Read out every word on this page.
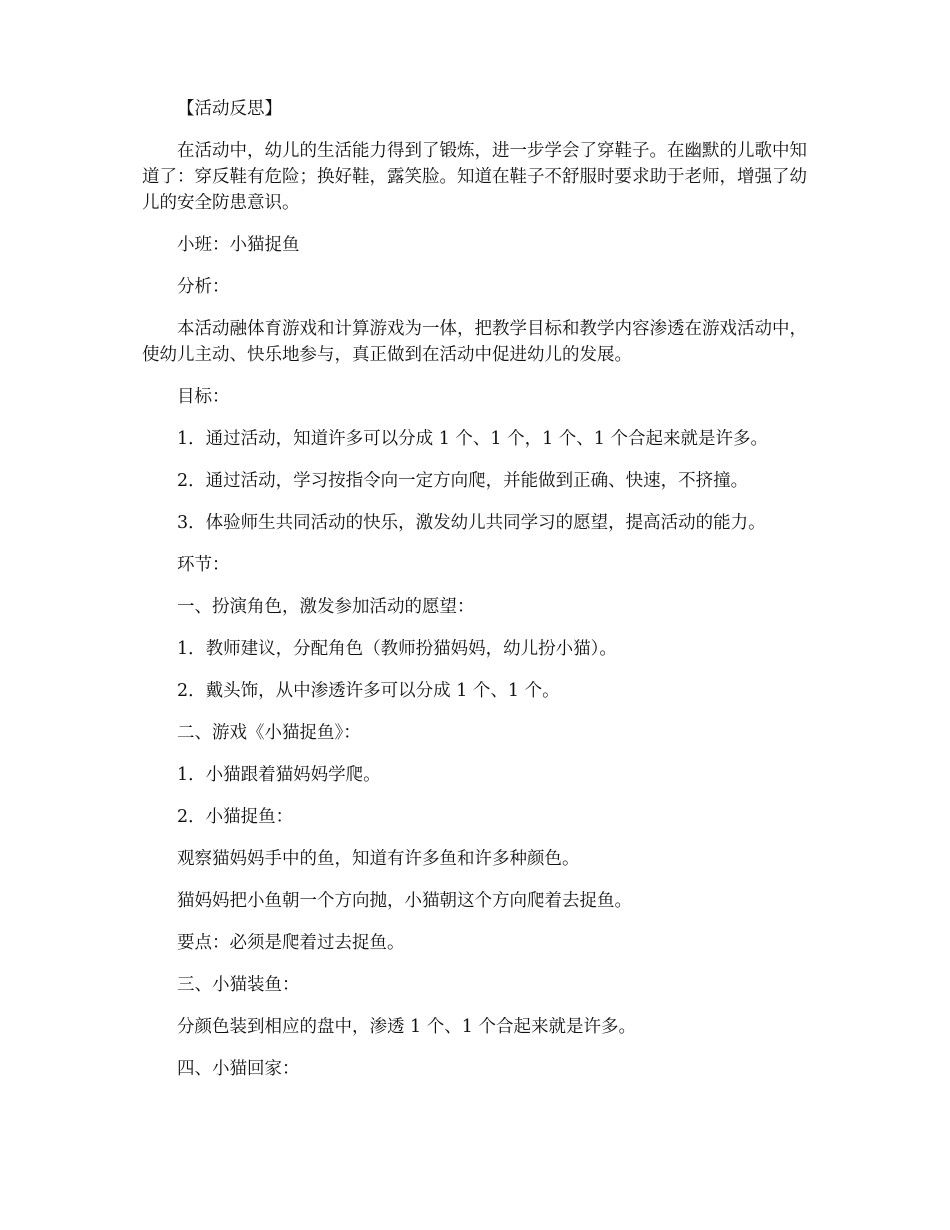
【活动反思】

在活动中，幼儿的生活能力得到了锻炼，进一步学会了穿鞋子。在幽默的儿歌中知道了：穿反鞋有危险；换好鞋，露笑脸。知道在鞋子不舒服时要求助于老师，增强了幼儿的安全防患意识。

小班：小猫捉鱼

分析：

本活动融体育游戏和计算游戏为一体，把教学目标和教学内容渗透在游戏活动中，使幼儿主动、快乐地参与，真正做到在活动中促进幼儿的发展。

目标：

1．通过活动，知道许多可以分成 1 个、1 个，1 个、1 个合起来就是许多。

2．通过活动，学习按指令向一定方向爬，并能做到正确、快速，不挤撞。

3．体验师生共同活动的快乐，激发幼儿共同学习的愿望，提高活动的能力。

环节：

一、扮演角色，激发参加活动的愿望：

1．教师建议，分配角色（教师扮猫妈妈，幼儿扮小猫）。

2．戴头饰，从中渗透许多可以分成 1 个、1 个。

二、游戏《小猫捉鱼》：

1．小猫跟着猫妈妈学爬。

2．小猫捉鱼：

观察猫妈妈手中的鱼，知道有许多鱼和许多种颜色。

猫妈妈把小鱼朝一个方向抛，小猫朝这个方向爬着去捉鱼。

要点：必须是爬着过去捉鱼。

三、小猫装鱼：

分颜色装到相应的盘中，渗透 1 个、1 个合起来就是许多。

四、小猫回家：
